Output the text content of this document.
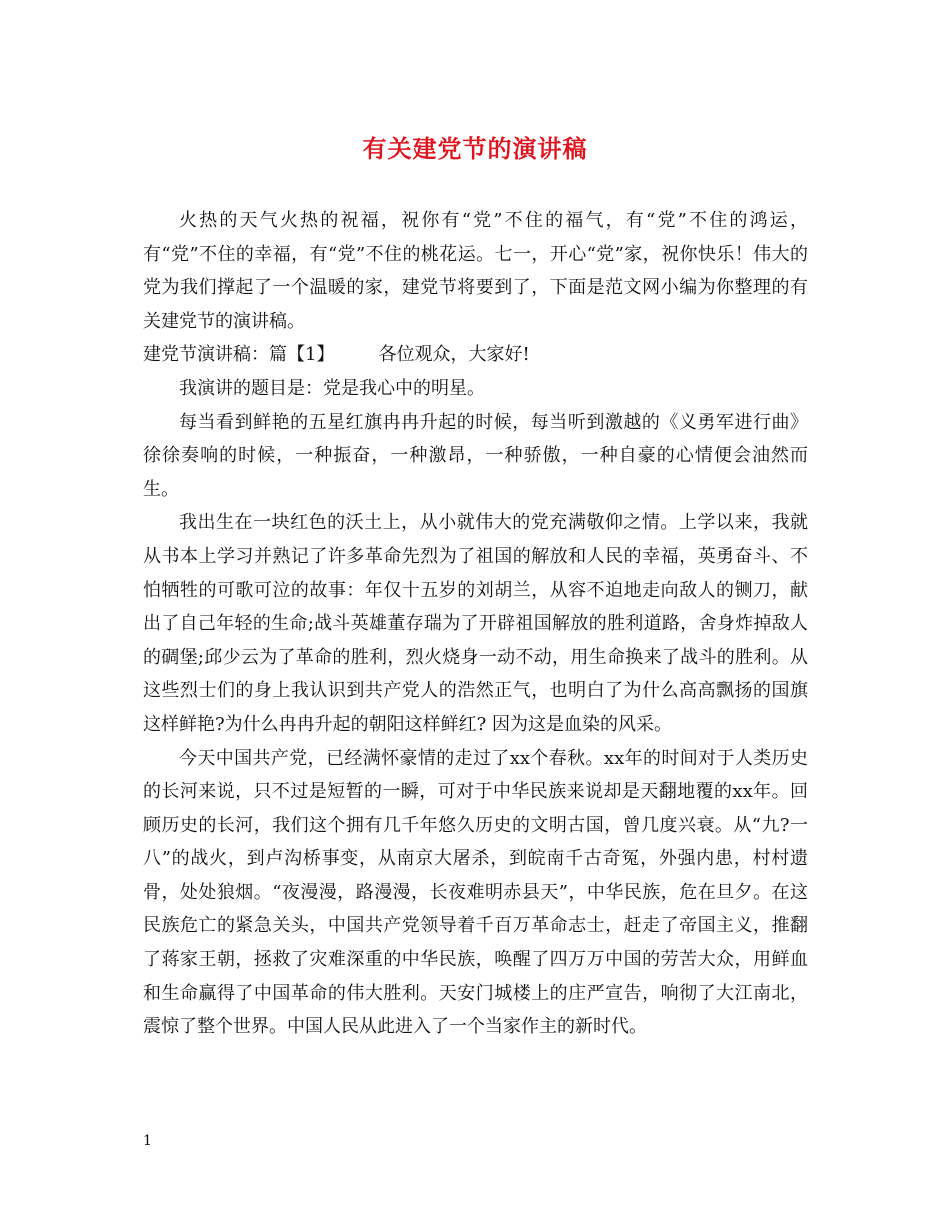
有关建党节的演讲稿

火热的天气火热的祝福，祝你有“党”不住的福气，有“党”不住的鸿运，有“党”不住的幸福，有“党”不住的桃花运。七一，开心“党”家，祝你快乐！伟大的党为我们撑起了一个温暖的家，建党节将要到了，下面是范文网小编为你整理的有关建党节的演讲稿。

建党节演讲稿：篇【1】 各位观众，大家好!

我演讲的题目是：党是我心中的明星。

每当看到鲜艳的五星红旗冉冉升起的时候，每当听到激越的《义勇军进行曲》徐徐奏响的时候，一种振奋，一种激昂，一种骄傲，一种自豪的心情便会油然而生。

我出生在一块红色的沃土上，从小就伟大的党充满敬仰之情。上学以来，我就从书本上学习并熟记了许多革命先烈为了祖国的解放和人民的幸福，英勇奋斗、不怕牺牲的可歌可泣的故事：年仅十五岁的刘胡兰，从容不迫地走向敌人的铡刀，献出了自己年轻的生命;战斗英雄董存瑞为了开辟祖国解放的胜利道路，舍身炸掉敌人的碉堡;邱少云为了革命的胜利，烈火烧身一动不动，用生命换来了战斗的胜利。从这些烈士们的身上我认识到共产党人的浩然正气，也明白了为什么高高飘扬的国旗这样鲜艳?为什么冉冉升起的朝阳这样鲜红? 因为这是血染的风采。

今天中国共产党，已经满怀豪情的走过了xx个春秋。xx年的时间对于人类历史的长河来说，只不过是短暂的一瞬，可对于中华民族来说却是天翻地覆的xx年。回顾历史的长河，我们这个拥有几千年悠久历史的文明古国，曾几度兴衰。从“九?一八”的战火，到卢沟桥事变，从南京大屠杀，到皖南千古奇冤，外强内患，村村遗骨，处处狼烟。“夜漫漫，路漫漫，长夜难明赤县天”，中华民族，危在旦夕。在这民族危亡的紧急关头，中国共产党领导着千百万革命志士，赶走了帝国主义，推翻了蒋家王朝，拯救了灾难深重的中华民族，唤醒了四万万中国的劳苦大众，用鲜血和生命赢得了中国革命的伟大胜利。天安门城楼上的庄严宣告，响彻了大江南北，震惊了整个世界。中国人民从此进入了一个当家作主的新时代。

1
